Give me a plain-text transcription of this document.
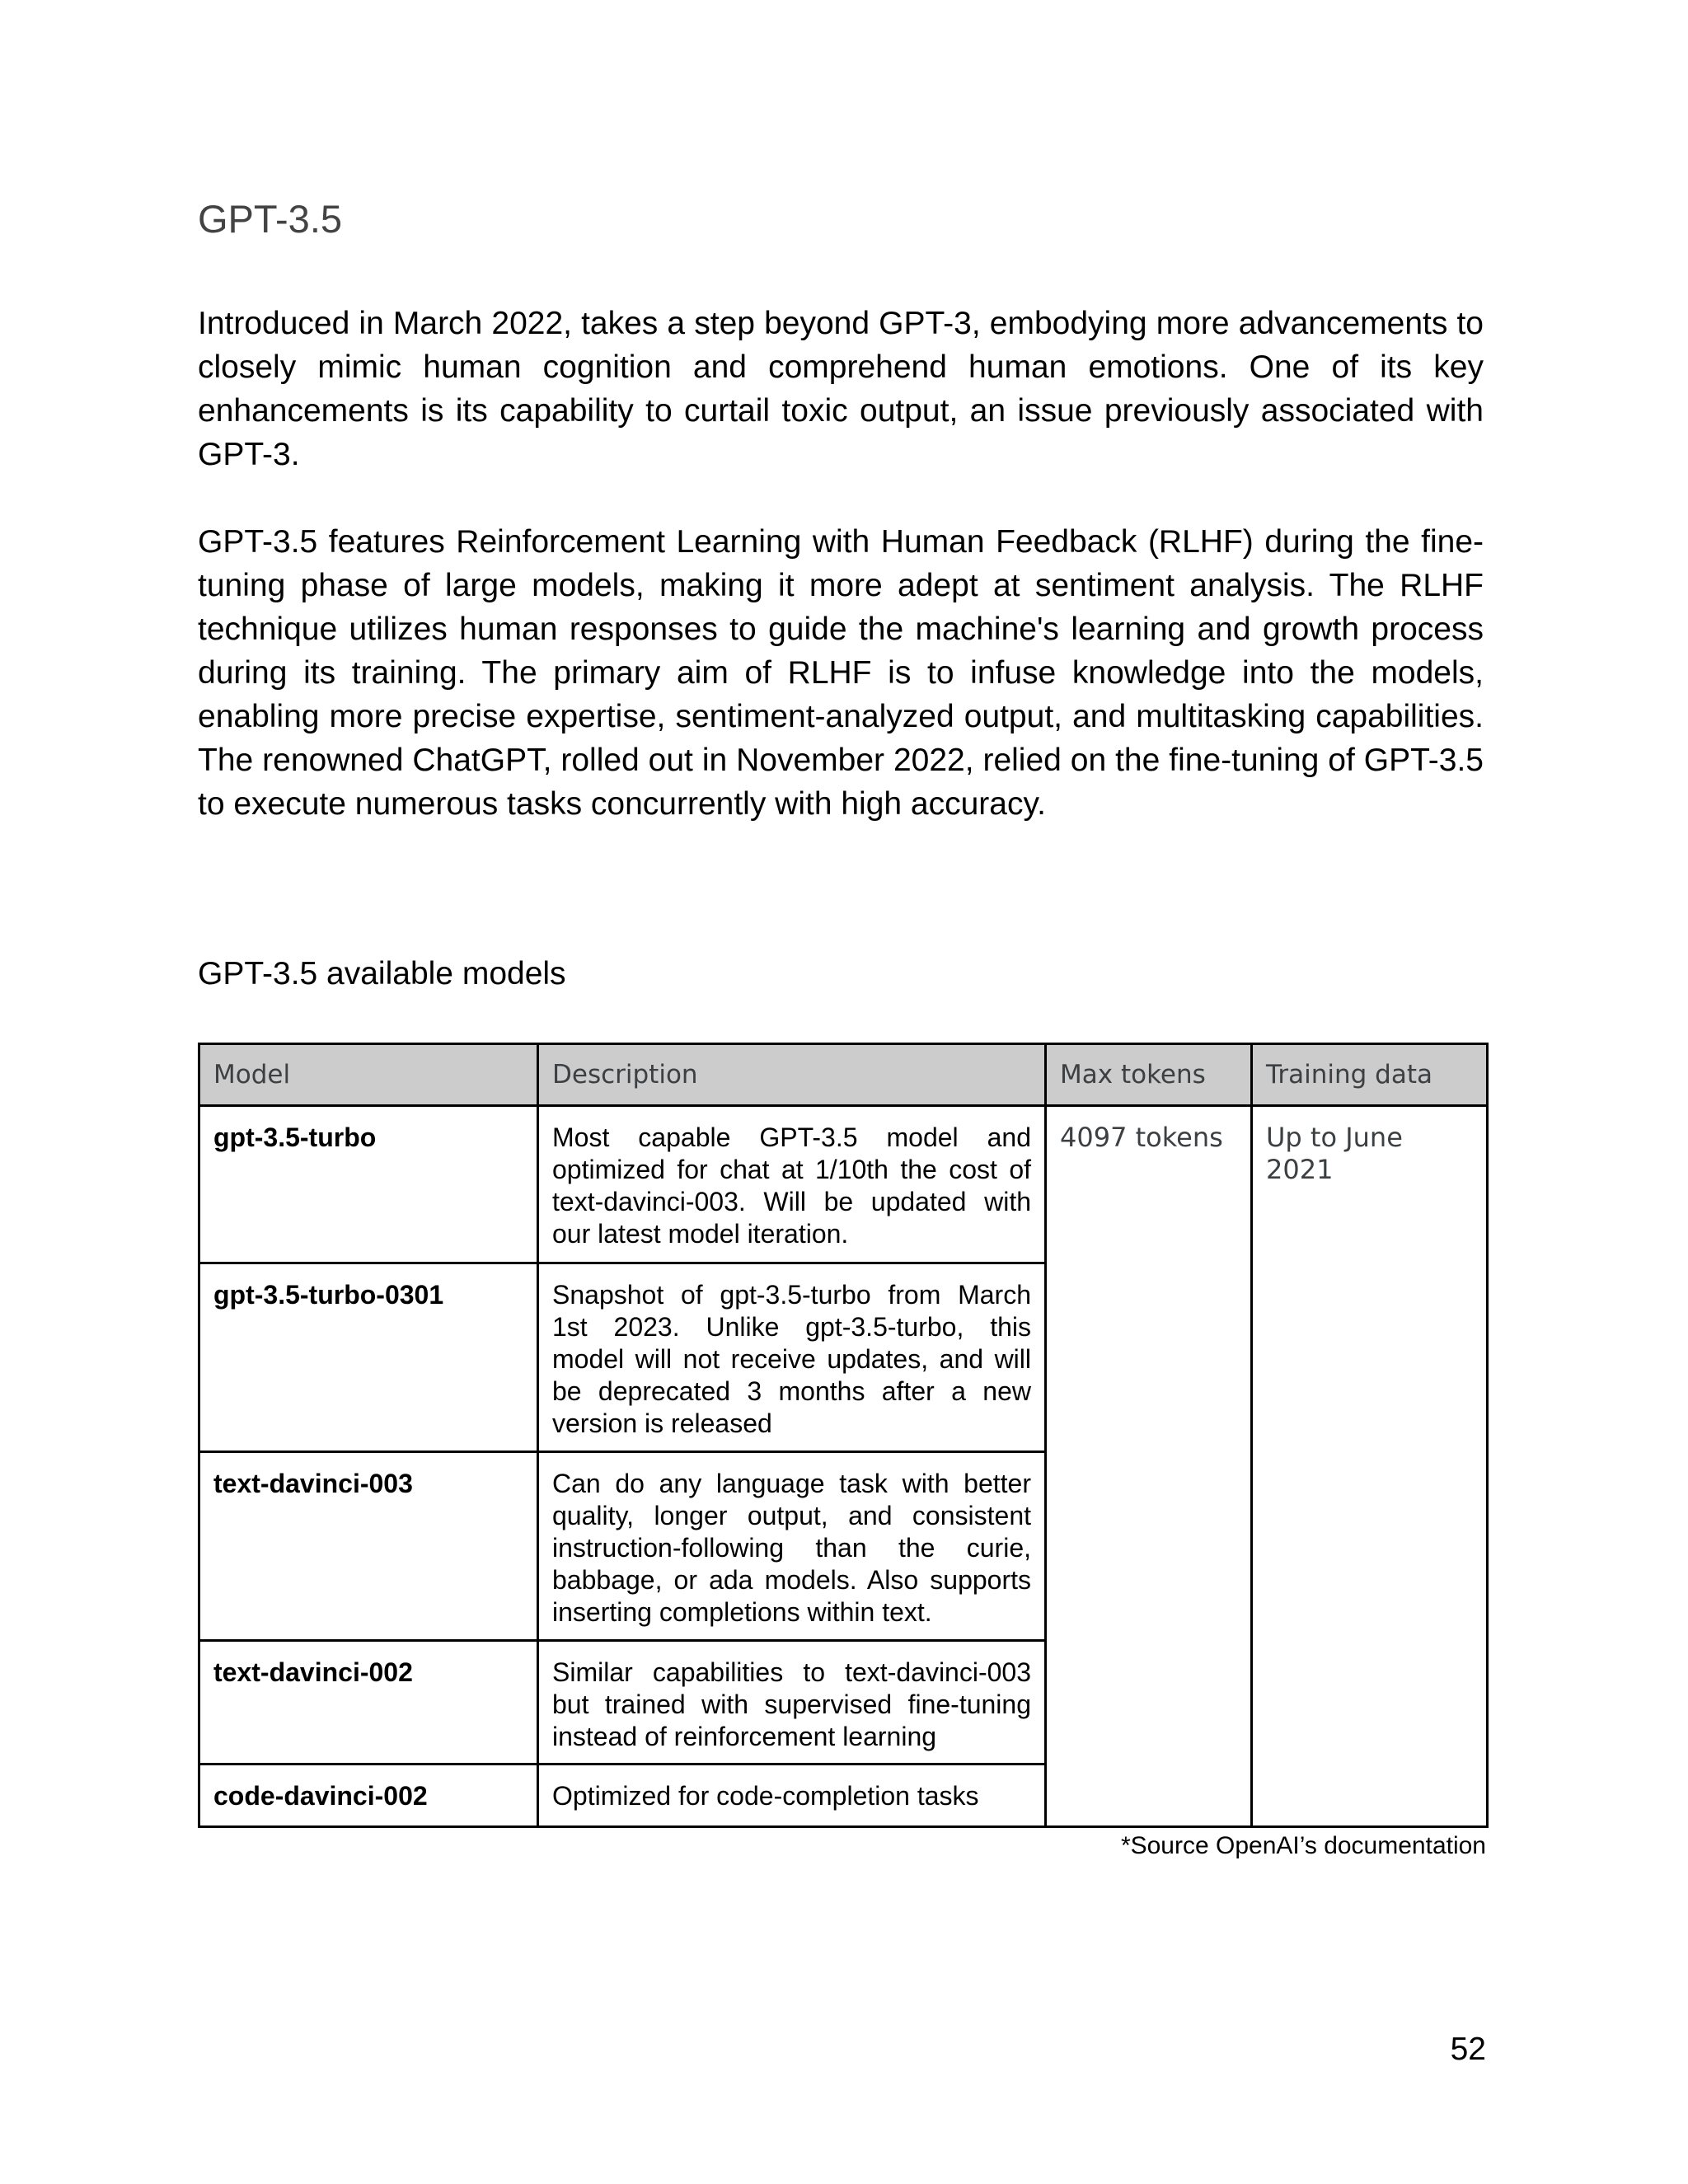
GPT-3.5

Introduced in March 2022, takes a step beyond GPT-3, embodying more advancements to closely mimic human cognition and comprehend human emotions. One of its key enhancements is its capability to curtail toxic output, an issue previously associated with GPT-3.

GPT-3.5 features Reinforcement Learning with Human Feedback (RLHF) during the fine-tuning phase of large models, making it more adept at sentiment analysis. The RLHF technique utilizes human responses to guide the machine's learning and growth process during its training. The primary aim of RLHF is to infuse knowledge into the models, enabling more precise expertise, sentiment-analyzed output, and multitasking capabilities. The renowned ChatGPT, rolled out in November 2022, relied on the fine-tuning of GPT-3.5 to execute numerous tasks concurrently with high accuracy.

GPT-3.5 available models

Model	Description	Max tokens	Training data
gpt-3.5-turbo	Most capable GPT-3.5 model and optimized for chat at 1/10th the cost of text-davinci-003. Will be updated with our latest model iteration.	4097 tokens	Up to June 2021
gpt-3.5-turbo-0301	Snapshot of gpt-3.5-turbo from March 1st 2023. Unlike gpt-3.5-turbo, this model will not receive updates, and will be deprecated 3 months after a new version is released		
text-davinci-003	Can do any language task with better quality, longer output, and consistent instruction-following than the curie, babbage, or ada models. Also supports inserting completions within text.		
text-davinci-002	Similar capabilities to text-davinci-003 but trained with supervised fine-tuning instead of reinforcement learning		
code-davinci-002	Optimized for code-completion tasks		

*Source OpenAI’s documentation

52
